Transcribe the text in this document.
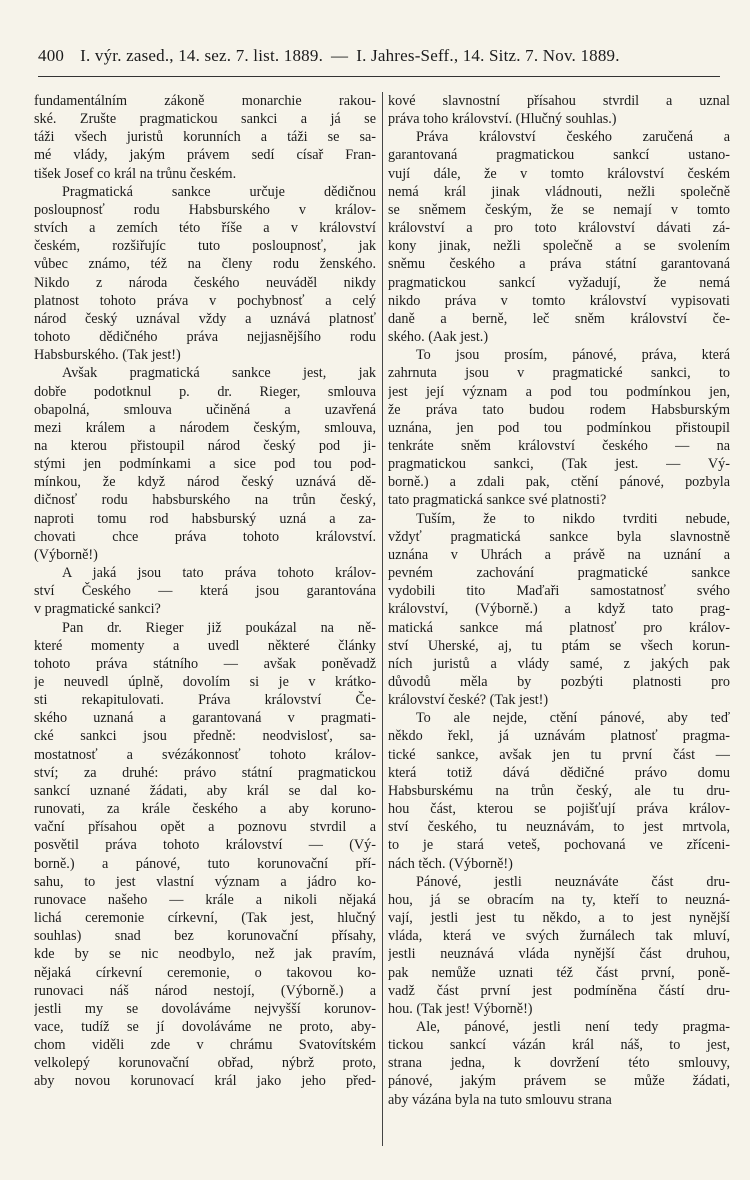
400 I. výr. zased., 14. sez. 7. list. 1889. — I. Jahres-Seff., 14. Sitz. 7. Nov. 1889.
fundamentálním zákoně monarchie rakou-
ské. Zrušte pragmatickou sankci a já se
táži všech juristů korunních a táži se sa-
mé vlády, jakým právem sedí císař Fran-
tišek Josef co král na trůnu českém.
Pragmatická sankce určuje dědičnou
posloupnosť rodu Habsburského v králov-
stvích a zemích této říše a v království
českém, rozšiřujíc tuto posloupnosť, jak
vůbec známo, též na členy rodu ženského.
Nikdo z národa českého neuváděl nikdy
platnost tohoto práva v pochybnosť a celý
národ český uznával vždy a uznává platnosť
tohoto dědičného práva nejjasnějšího rodu
Habsburského. (Tak jest!)
Avšak pragmatická sankce jest, jak
dobře podotknul p. dr. Rieger, smlouva
obapolná, smlouva učiněná a uzavřená
mezi králem a národem českým, smlouva,
na kterou přistoupil národ český pod ji-
stými jen podmínkami a sice pod tou pod-
mínkou, že když národ český uznává dě-
dičnosť rodu habsburského na trůn český,
naproti tomu rod habsburský uzná a za-
chovati chce práva tohoto království.
(Výborně!)
A jaká jsou tato práva tohoto králov-
ství Českého — která jsou garantována
v pragmatické sankci?
Pan dr. Rieger již poukázal na ně-
které momenty a uvedl některé články
tohoto práva státního — avšak poněvadž
je neuvedl úplně, dovolím si je v krátko-
sti rekapitulovati. Práva království Če-
ského uznaná a garantovaná v pragmati-
cké sankci jsou předně: neodvislosť, sa-
mostatnosť a svézákonnosť tohoto králov-
ství; za druhé: právo státní pragmatickou
sankcí uznané žádati, aby král se dal ko-
runovati, za krále českého a aby koruno-
vační přísahou opět a poznovu stvrdil a
posvětil práva tohoto království — (Vý-
borně.) a pánové, tuto korunovační pří-
sahu, to jest vlastní význam a jádro ko-
runovace našeho — krále a nikoli nějaká
lichá ceremonie církevní, (Tak jest, hlučný
souhlas) snad bez korunovační přísahy,
kde by se nic neodbylo, než jak pravím,
nějaká církevní ceremonie, o takovou ko-
runovaci náš národ nestojí, (Výborně.) a
jestli my se dovoláváme nejvyšší korunov-
vace, tudíž se jí dovoláváme ne proto, aby-
chom viděli zde v chrámu Svatovítském
velkolepý korunovační obřad, nýbrž proto,
aby novou korunovací král jako jeho před-
kové slavnostní přísahou stvrdil a uznal
práva toho království. (Hlučný souhlas.)
Práva království českého zaručená a
garantovaná pragmatickou sankcí ustano-
vují dále, že v tomto království českém
nemá král jinak vládnouti, nežli společně
se sněmem českým, že se nemají v tomto
království a pro toto království dávati zá-
kony jinak, nežli společně a se svolením
sněmu českého a práva státní garantovaná
pragmatickou sankcí vyžadují, že nemá
nikdo práva v tomto království vypisovati
daně a berně, leč sněm království če-
ského. (Aak jest.)
To jsou prosím, pánové, práva, která
zahrnuta jsou v pragmatické sankci, to
jest její význam a pod tou podmínkou jen,
že práva tato budou rodem Habsburským
uznána, jen pod tou podmínkou přistoupil
tenkráte sněm království českého — na
pragmatickou sankci, (Tak jest. — Vý-
borně.) a zdali pak, ctění pánové, pozbyla
tato pragmatická sankce své platnosti?
Tuším, že to nikdo tvrditi nebude,
vždyť pragmatická sankce byla slavnostně
uznána v Uhrách a právě na uznání a
pevném zachování pragmatické sankce
vydobili tito Maďaři samostatnosť svého
království, (Výborně.) a když tato prag-
matická sankce má platnosť pro králov-
ství Uherské, aj, tu ptám se všech korun-
ních juristů a vlády samé, z jakých pak
důvodů měla by pozbýti platnosti pro
království české? (Tak jest!)
To ale nejde, ctění pánové, aby teď
někdo řekl, já uznávám platnosť pragma-
tické sankce, avšak jen tu první část —
která totiž dává dědičné právo domu
Habsburskému na trůn český, ale tu dru-
hou část, kterou se pojišťují práva králov-
ství českého, tu neuznávám, to jest mrtvola,
to je stará veteš, pochovaná ve zříceni-
nách těch. (Výborně!)
Pánové, jestli neuznáváte část dru-
hou, já se obracím na ty, kteří to neuzná-
vají, jestli jest tu někdo, a to jest nynější
vláda, která ve svých žurnálech tak mluví,
jestli neuznává vláda nynější část druhou,
pak nemůže uznati též část první, poně-
vadž část první jest podmíněna částí dru-
hou. (Tak jest! Výborně!)
Ale, pánové, jestli není tedy pragma-
tickou sankcí vázán král náš, to jest,
strana jedna, k dovržení této smlouvy,
pánové, jakým právem se může žádati,
aby vázána byla na tuto smlouvu strana
